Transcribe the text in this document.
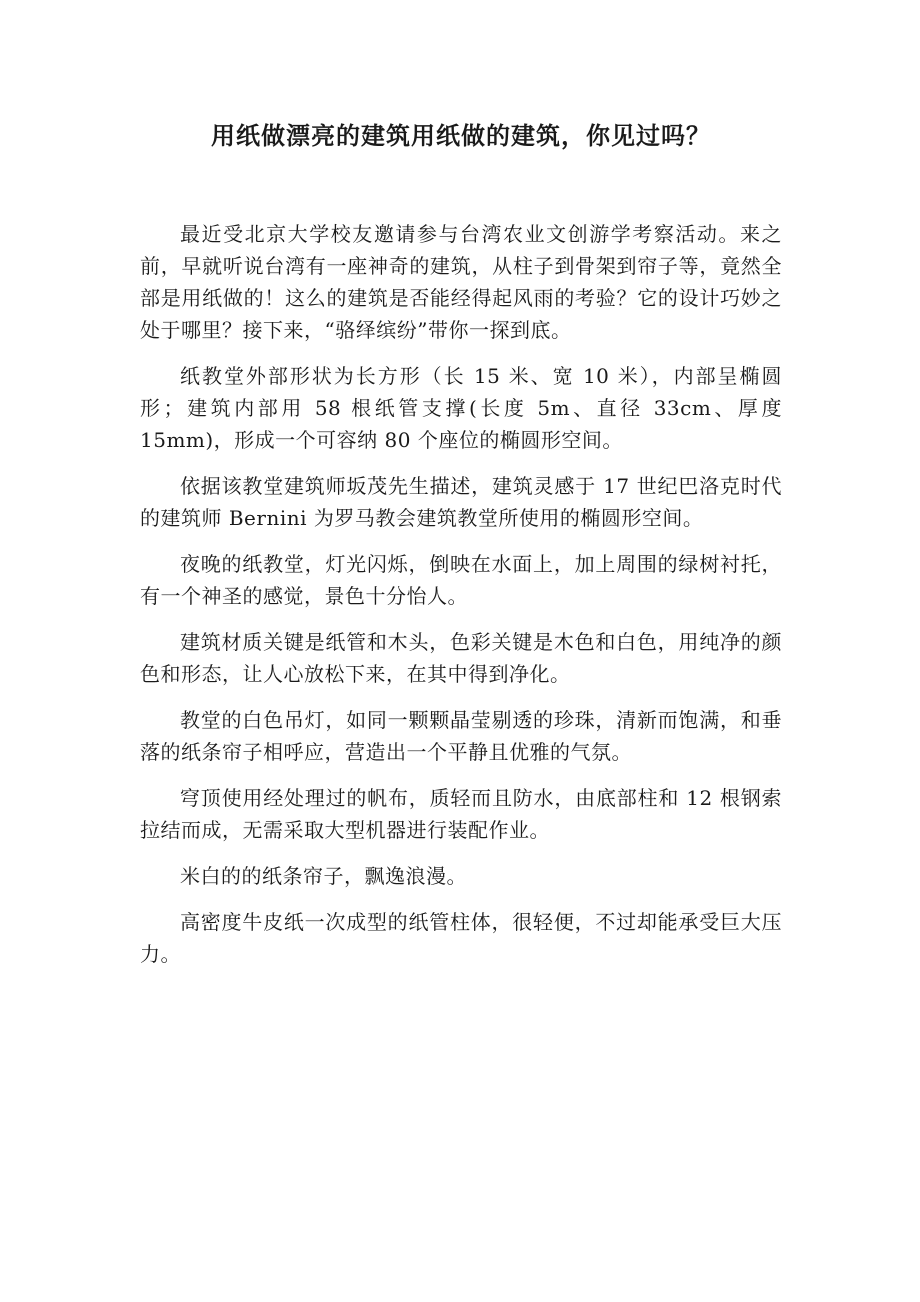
用纸做漂亮的建筑用纸做的建筑，你见过吗？

最近受北京大学校友邀请参与台湾农业文创游学考察活动。来之前，早就听说台湾有一座神奇的建筑，从柱子到骨架到帘子等，竟然全部是用纸做的！这么的建筑是否能经得起风雨的考验？它的设计巧妙之处于哪里？接下来，“骆绎缤纷”带你一探到底。

纸教堂外部形状为长方形（长 15 米、宽 10 米），内部呈椭圆形；建筑内部用 58 根纸管支撑(长度 5m、直径 33cm、厚度 15mm)，形成一个可容纳 80 个座位的椭圆形空间。

依据该教堂建筑师坂茂先生描述，建筑灵感于 17 世纪巴洛克时代的建筑师 Bernini 为罗马教会建筑教堂所使用的椭圆形空间。

夜晚的纸教堂，灯光闪烁，倒映在水面上，加上周围的绿树衬托，有一个神圣的感觉，景色十分怡人。

建筑材质关键是纸管和木头，色彩关键是木色和白色，用纯净的颜色和形态，让人心放松下来，在其中得到净化。

教堂的白色吊灯，如同一颗颗晶莹剔透的珍珠，清新而饱满，和垂落的纸条帘子相呼应，营造出一个平静且优雅的气氛。

穹顶使用经处理过的帆布，质轻而且防水，由底部柱和 12 根钢索拉结而成，无需采取大型机器进行装配作业。

米白的的纸条帘子，飘逸浪漫。

高密度牛皮纸一次成型的纸管柱体，很轻便，不过却能承受巨大压力。
